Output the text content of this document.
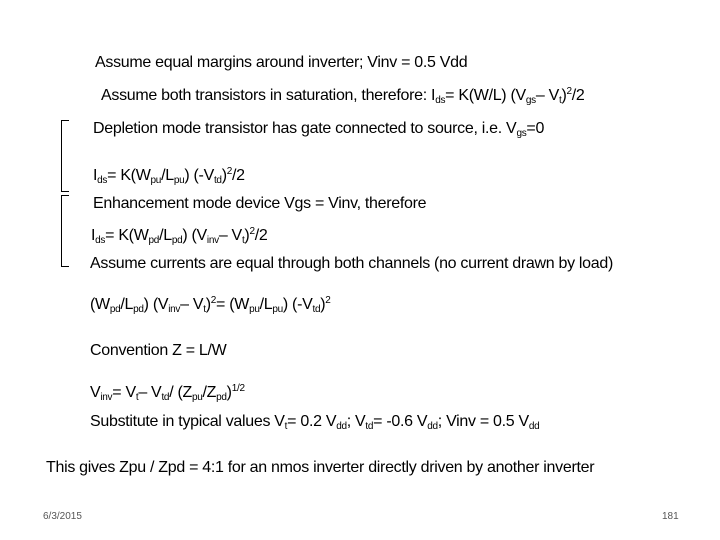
Assume equal margins around inverter; Vinv = 0.5 Vdd
Assume both transistors in saturation, therefore: $I_{ds}= K(W/L)$ ($V_{gs}-$ $V_t)^2/2$
Depletion mode transistor has gate connected to source, i.e. $V_{gs}=0$
$I_{ds}= K(W_{pu}/L_{pu})$ $(-V_{td})^2/2$
Enhancement mode device Vgs = Vinv, therefore
$I_{ds}= K(W_{pd}/L_{pd})$ ($V_{inv}-$ $V_t)^2/2$
Assume currents are equal through both channels (no current drawn by load)
$(W_{pd}/L_{pd})$ ($V_{inv}-$ $V_t)^2= (W_{pu}/L_{pu})$ $(-V_{td})^2$
Convention Z = L/W
$V_{inv}= V_t-$ $V_{td}/$ $(Z_{pu}/Z_{pd})^{1/2}$
Substitute in typical values $V_t= 0.2$ $V_{dd}$; $V_{td}= -0.6$ $V_{dd}$; Vinv = 0.5 $V_{dd}$
This gives Zpu / Zpd = 4:1 for an nmos inverter directly driven by another inverter
6/3/2015	181
